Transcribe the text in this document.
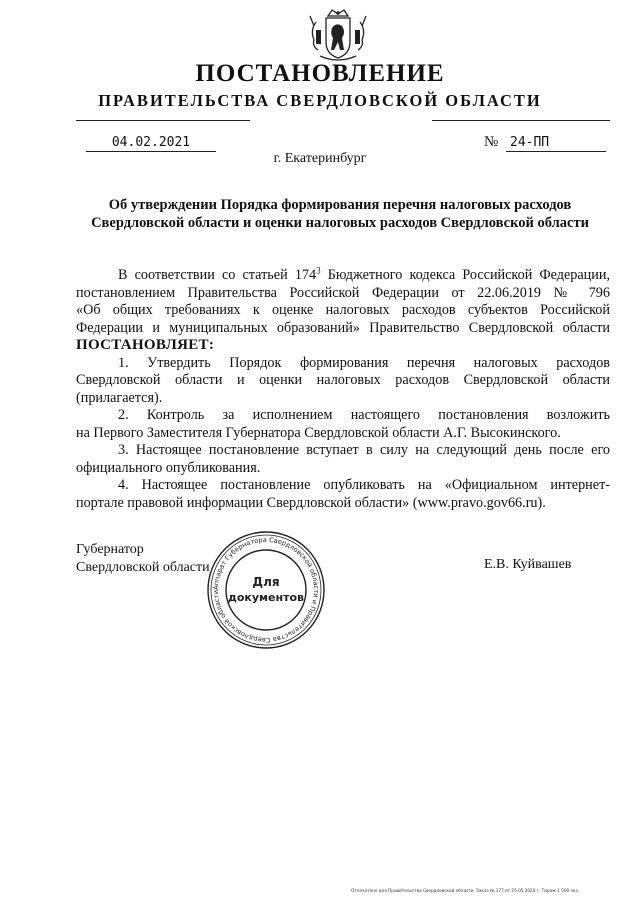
ПОСТАНОВЛЕНИЕ
ПРАВИТЕЛЬСТВА СВЕРДЛОВСКОЙ ОБЛАСТИ
04.02.2021	№ 24-ПП
г. Екатеринбург
Об утверждении Порядка формирования перечня налоговых расходов
Свердловской области и оценки налоговых расходов Свердловской области

В соответствии со статьей $174^3$ Бюджетного кодекса Российской Федерации,

постановлением Правительства Российской Федерации от 22.06.2019 № 796

«Об общих требованиях к оценке налоговых расходов субъектов Российской

Федерации и муниципальных образований» Правительство Свердловской области

ПОСТАНОВЛЯЕТ:

1. Утвердить Порядок формирования перечня налоговых расходов

Свердловской области и оценки налоговых расходов Свердловской области

(прилагается).

2. Контроль за исполнением настоящего постановления возложить

на Первого Заместителя Губернатора Свердловской области А.Г. Высокинского.

3. Настоящее постановление вступает в силу на следующий день после его

официального опубликования.

4. Настоящее постановление опубликовать на «Официальном интернет-

портале правовой информации Свердловской области» (www.pravo.gov66.ru).

Губернатор
Свердловской области	Е.В. Куйвашев
Аппарат Губернатора Свердловской области и Правительства Свердловской области
Для
документов
Отпечатано для Правительства Свердловской области. Заказ № 177 от 25.05.2020 г. Тираж 1 500 экз.
